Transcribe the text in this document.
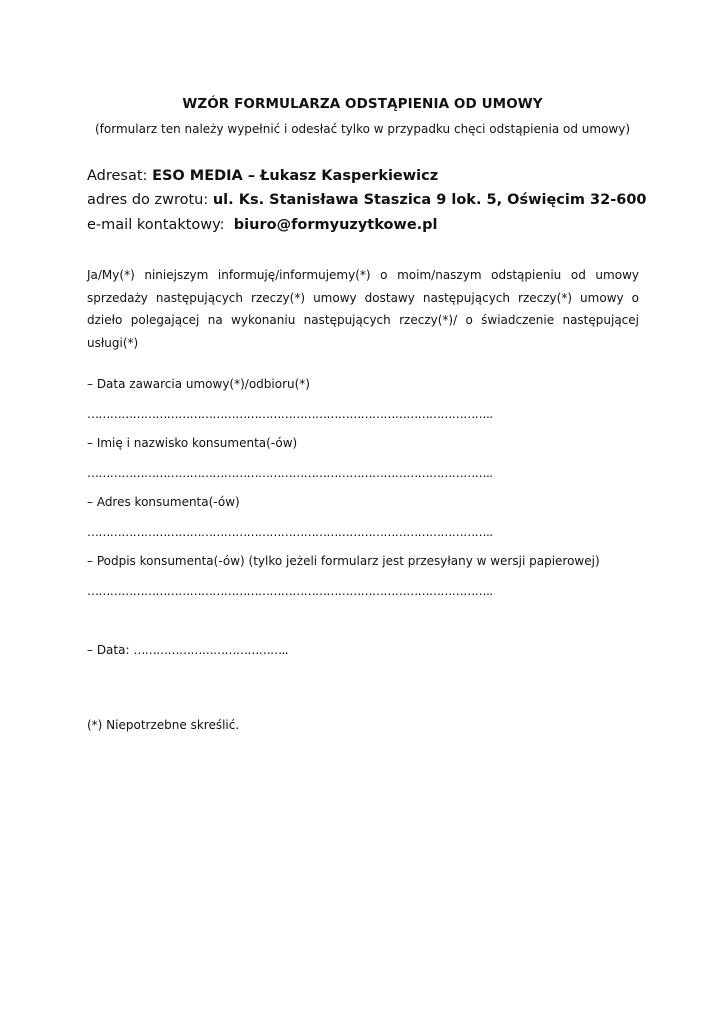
WZÓR FORMULARZA ODSTĄPIENIA OD UMOWY
(formularz ten należy wypełnić i odesłać tylko w przypadku chęci odstąpienia od umowy)
Adresat: ESO MEDIA – Łukasz Kasperkiewicz
adres do zwrotu: ul. Ks. Stanisława Staszica 9 lok. 5, Oświęcim 32-600
e-mail kontaktowy: biuro@formyuzytkowe.pl
Ja/My(*) niniejszym informuję/informujemy(*) o moim/naszym odstąpieniu od umowy sprzedaży następujących rzeczy(*) umowy dostawy następujących rzeczy(*) umowy o dzieło polegającej na wykonaniu następujących rzeczy(*)/ o świadczenie następującej usługi(*)
– Data zawarcia umowy(*)/odbioru(*)
……………………………………………………………………………………………..
– Imię i nazwisko konsumenta(-ów)
……………………………………………………………………………………………..
– Adres konsumenta(-ów)
……………………………………………………………………………………………..
– Podpis konsumenta(-ów) (tylko jeżeli formularz jest przesyłany w wersji papierowej)
……………………………………………………………………………………………..
– Data: …………………………………..
(*) Niepotrzebne skreślić.
